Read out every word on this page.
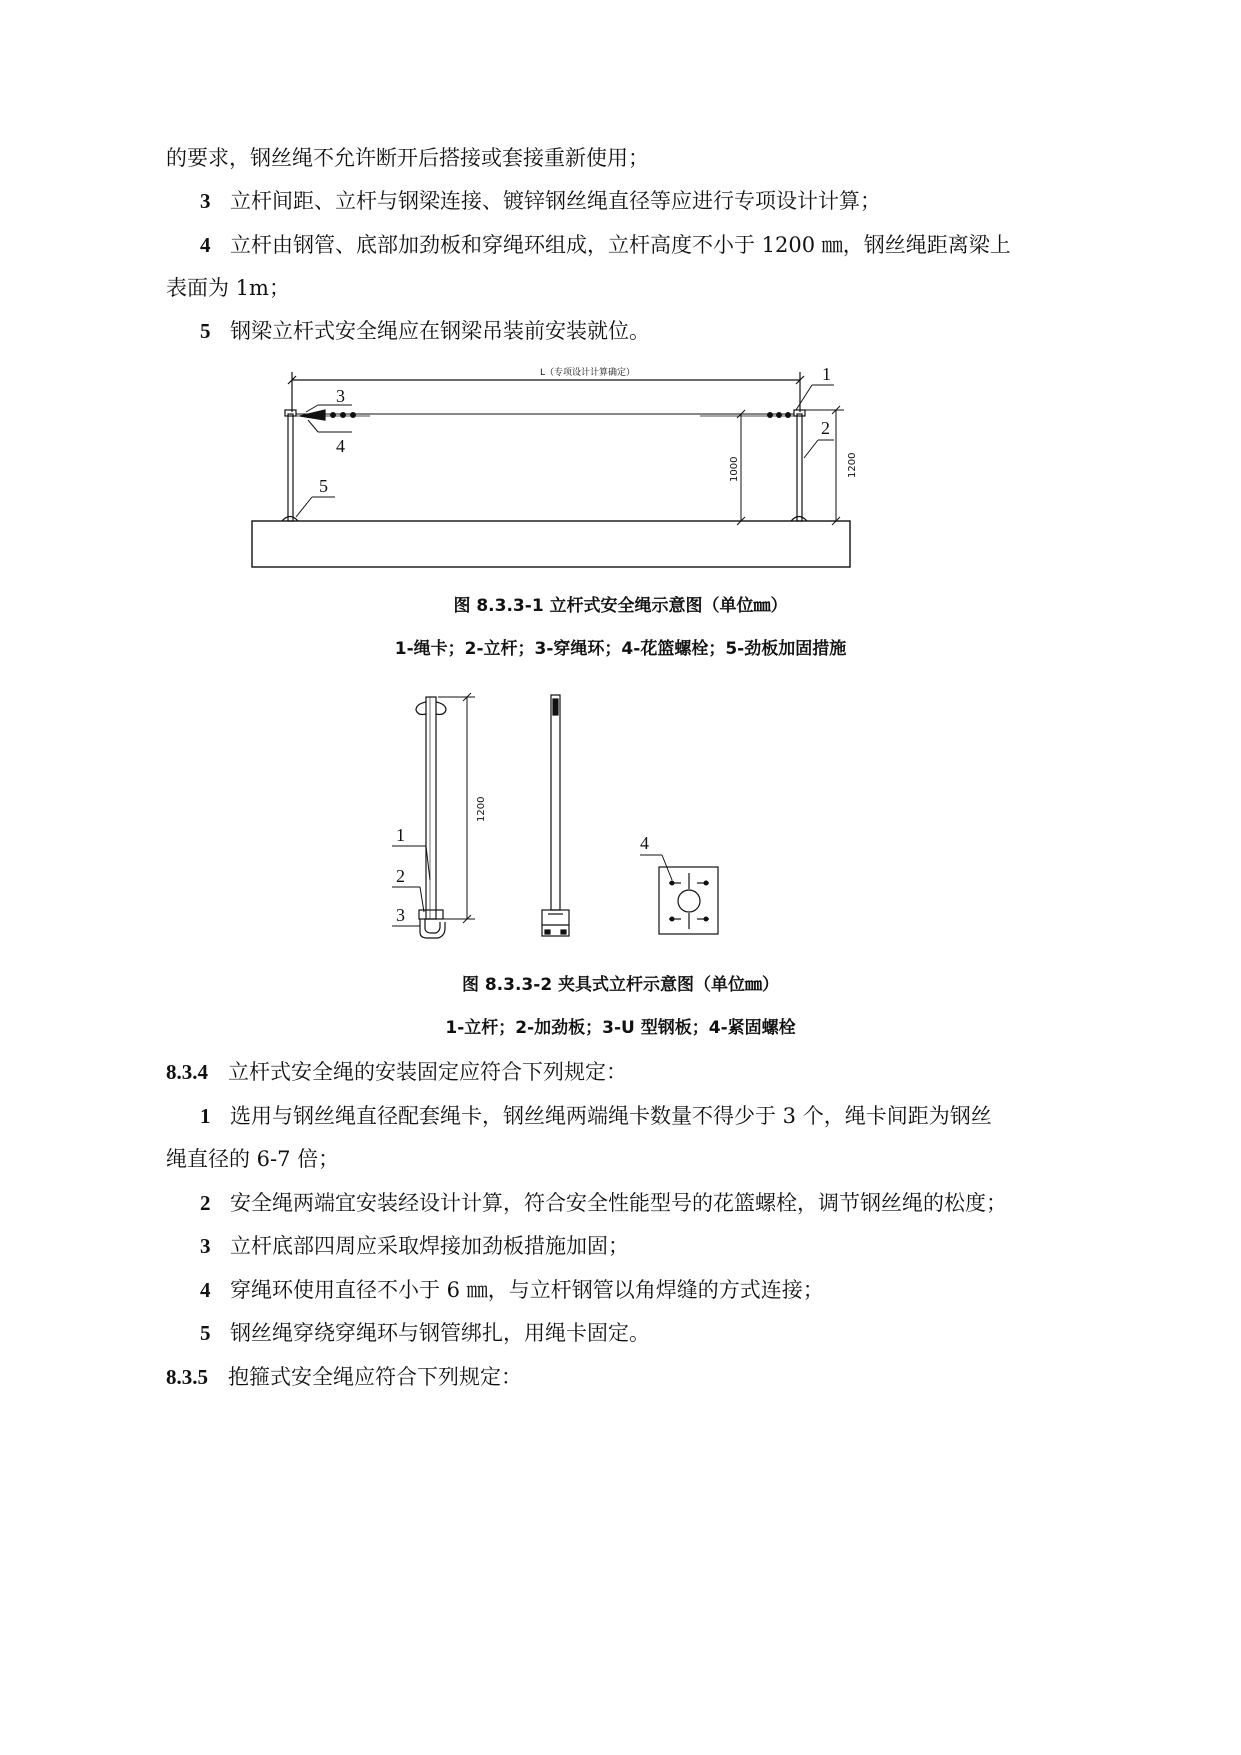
的要求，钢丝绳不允许断开后搭接或套接重新使用；
3 立杆间距、立杆与钢梁连接、镀锌钢丝绳直径等应进行专项设计计算；
4 立杆由钢管、底部加劲板和穿绳环组成，立杆高度不小于 1200 ㎜，钢丝绳距离梁上
表面为 1m；
5 钢梁立杆式安全绳应在钢梁吊装前安装就位。
1
2
3
4
5
L（专项设计计算确定）
1000	1200
图 8.3.3-1 立杆式安全绳示意图（单位㎜）
1-绳卡；2-立杆；3-穿绳环；4-花篮螺栓；5-劲板加固措施
1
2
3
4
1200
图 8.3.3-2 夹具式立杆示意图（单位㎜）
1-立杆；2-加劲板；3-U 型钢板；4-紧固螺栓
8.3.4 立杆式安全绳的安装固定应符合下列规定：
1 选用与钢丝绳直径配套绳卡，钢丝绳两端绳卡数量不得少于 3 个，绳卡间距为钢丝
绳直径的 6-7 倍；
2 安全绳两端宜安装经设计计算，符合安全性能型号的花篮螺栓，调节钢丝绳的松度；
3 立杆底部四周应采取焊接加劲板措施加固；
4 穿绳环使用直径不小于 6 ㎜，与立杆钢管以角焊缝的方式连接；
5 钢丝绳穿绕穿绳环与钢管绑扎，用绳卡固定。
8.3.5 抱箍式安全绳应符合下列规定：
